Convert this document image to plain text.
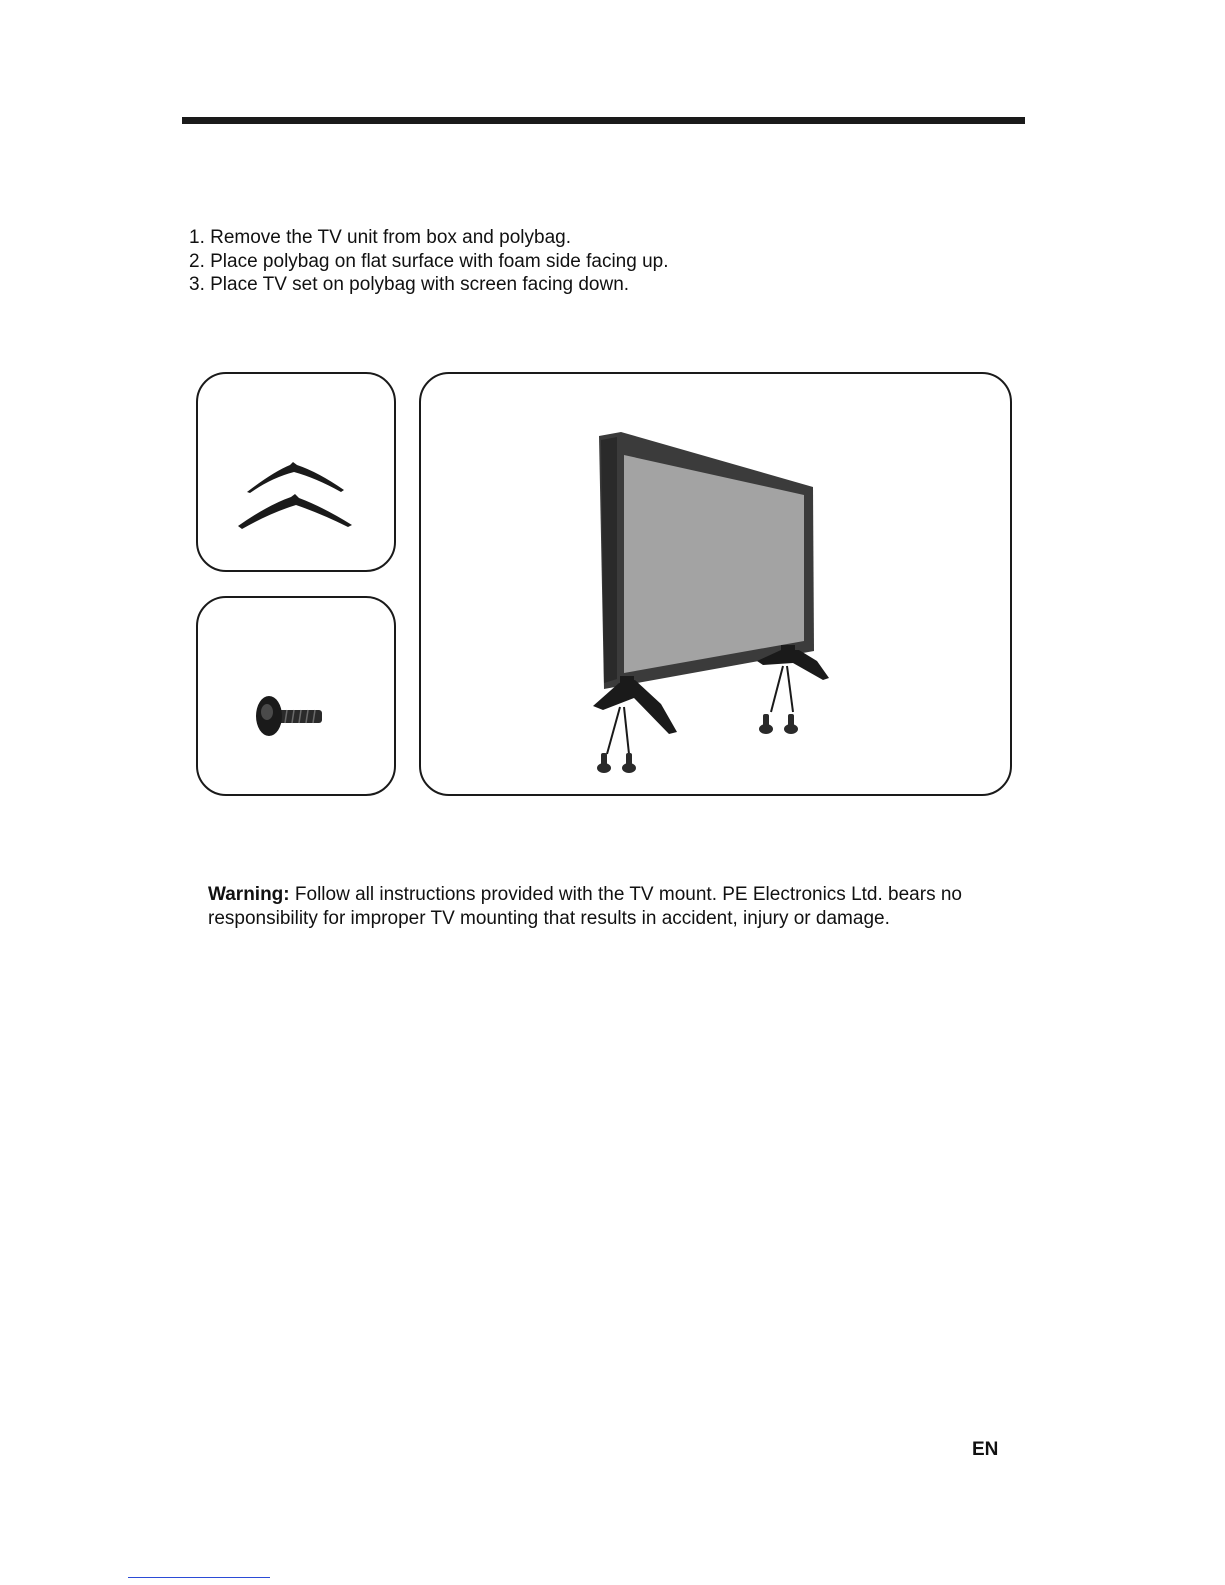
1. Remove the TV unit from box and polybag.
2. Place polybag on flat surface with foam side facing up.
3. Place TV set on polybag with screen facing down.

Warning: Follow all instructions provided with the TV mount. PE Electronics Ltd. bears no responsibility for improper TV mounting that results in accident, injury or damage.

EN
